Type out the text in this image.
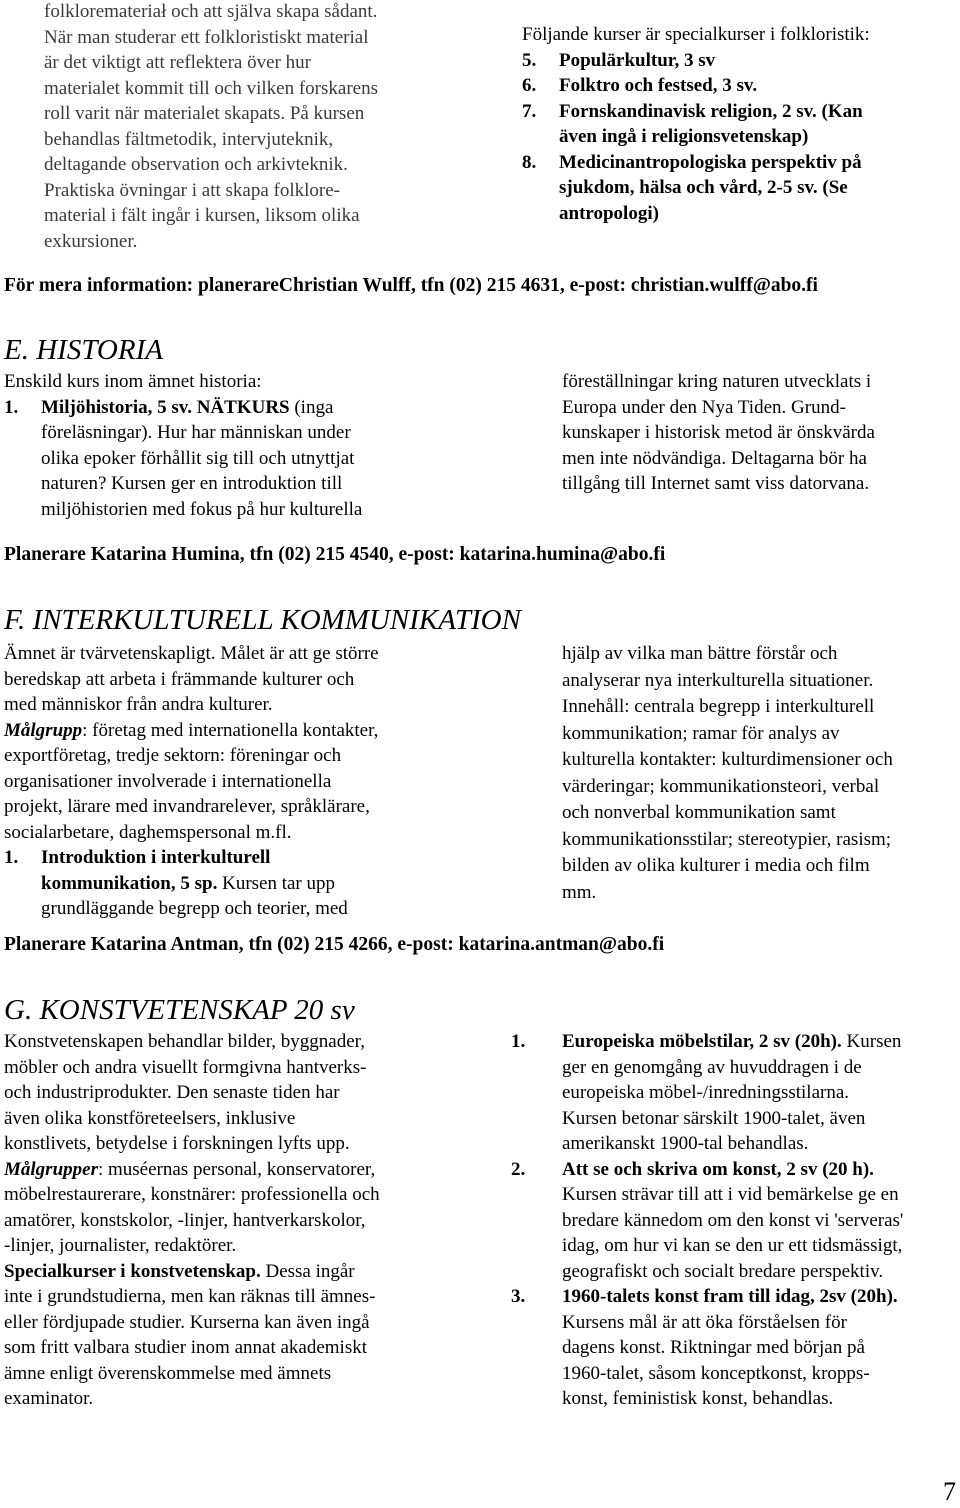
folkloremateriał och att själva skapa sådant.
När man studerar ett folkloristiskt material
är det viktigt att reflektera över hur
materialet kommit till och vilken forskarens
roll varit när materialet skapats. På kursen
behandlas fältmetodik, intervjuteknik,
deltagande observation och arkivteknik.
Praktiska övningar i att skapa folklore-
material i fält ingår i kursen, liksom olika
exkursioner.
Följande kurser är specialkurser i folkloristik:
5. Populärkultur, 3 sv
6. Folktro och festsed, 3 sv.
7. Fornskandinavisk religion, 2 sv. (Kan
även ingå i religionsvetenskap)
8. Medicinantropologiska perspektiv på
sjukdom, hälsa och vård, 2-5 sv. (Se
antropologi)
För mera information: planerareChristian Wulff, tfn (02) 215 4631, e-post: christian.wulff@abo.fi
E. HISTORIA
Enskild kurs inom ämnet historia:
1. Miljöhistoria, 5 sv. NÄTKURS (inga
föreläsningar). Hur har människan under
olika epoker förhållit sig till och utnyttjat
naturen? Kursen ger en introduktion till
miljöhistorien med fokus på hur kulturella
föreställningar kring naturen utvecklats i
Europa under den Nya Tiden. Grund-
kunskaper i historisk metod är önskvärda
men inte nödvändiga. Deltagarna bör ha
tillgång till Internet samt viss datorvana.
Planerare Katarina Humina, tfn (02) 215 4540, e-post: katarina.humina@abo.fi
F. INTERKULTURELL KOMMUNIKATION
Ämnet är tvärvetenskapligt. Målet är att ge större
beredskap att arbeta i främmande kulturer och
med människor från andra kulturer.
Målgrupp: företag med internationella kontakter,
exportföretag, tredje sektorn: föreningar och
organisationer involverade i internationella
projekt, lärare med invandrarelever, språklärare,
socialarbetare, daghemspersonal m.fl.
1. Introduktion i interkulturell
kommunikation, 5 sp. Kursen tar upp
grundläggande begrepp och teorier, med
hjälp av vilka man bättre förstår och
analyserar nya interkulturella situationer.
Innehåll: centrala begrepp i interkulturell
kommunikation; ramar för analys av
kulturella kontakter: kulturdimensioner och
värderingar; kommunikationsteori, verbal
och nonverbal kommunikation samt
kommunikationsstilar; stereotypier, rasism;
bilden av olika kulturer i media och film
mm.
Planerare Katarina Antman, tfn (02) 215 4266, e-post: katarina.antman@abo.fi
G. KONSTVETENSKAP 20 sv
Konstvetenskapen behandlar bilder, byggnader,
möbler och andra visuellt formgivna hantverks-
och industriprodukter. Den senaste tiden har
även olika konstföreteelsers, inklusive
konstlivets, betydelse i forskningen lyfts upp.
Målgrupper: muséernas personal, konservatorer,
möbelrestaurerare, konstnärer: professionella och
amatörer, konstskolor, -linjer, hantverkarskolor,
-linjer, journalister, redaktörer.
Specialkurser i konstvetenskap. Dessa ingår
inte i grundstudierna, men kan räknas till ämnes-
eller fördjupade studier. Kurserna kan även ingå
som fritt valbara studier inom annat akademiskt
ämne enligt överenskommelse med ämnets
examinator.
1. Europeiska möbelstilar, 2 sv (20h). Kursen
ger en genomgång av huvuddragen i de
europeiska möbel-/inredningsstilarna.
Kursen betonar särskilt 1900-talet, även
amerikanskt 1900-tal behandlas.
2. Att se och skriva om konst, 2 sv (20 h).
Kursen strävar till att i vid bemärkelse ge en
bredare kännedom om den konst vi 'serveras'
idag, om hur vi kan se den ur ett tidsmässigt,
geografiskt och socialt bredare perspektiv.
3. 1960-talets konst fram till idag, 2sv (20h).
Kursens mål är att öka förståelsen för
dagens konst. Riktningar med början på
1960-talet, såsom konceptkonst, kropps-
konst, feministisk konst, behandlas.
7
